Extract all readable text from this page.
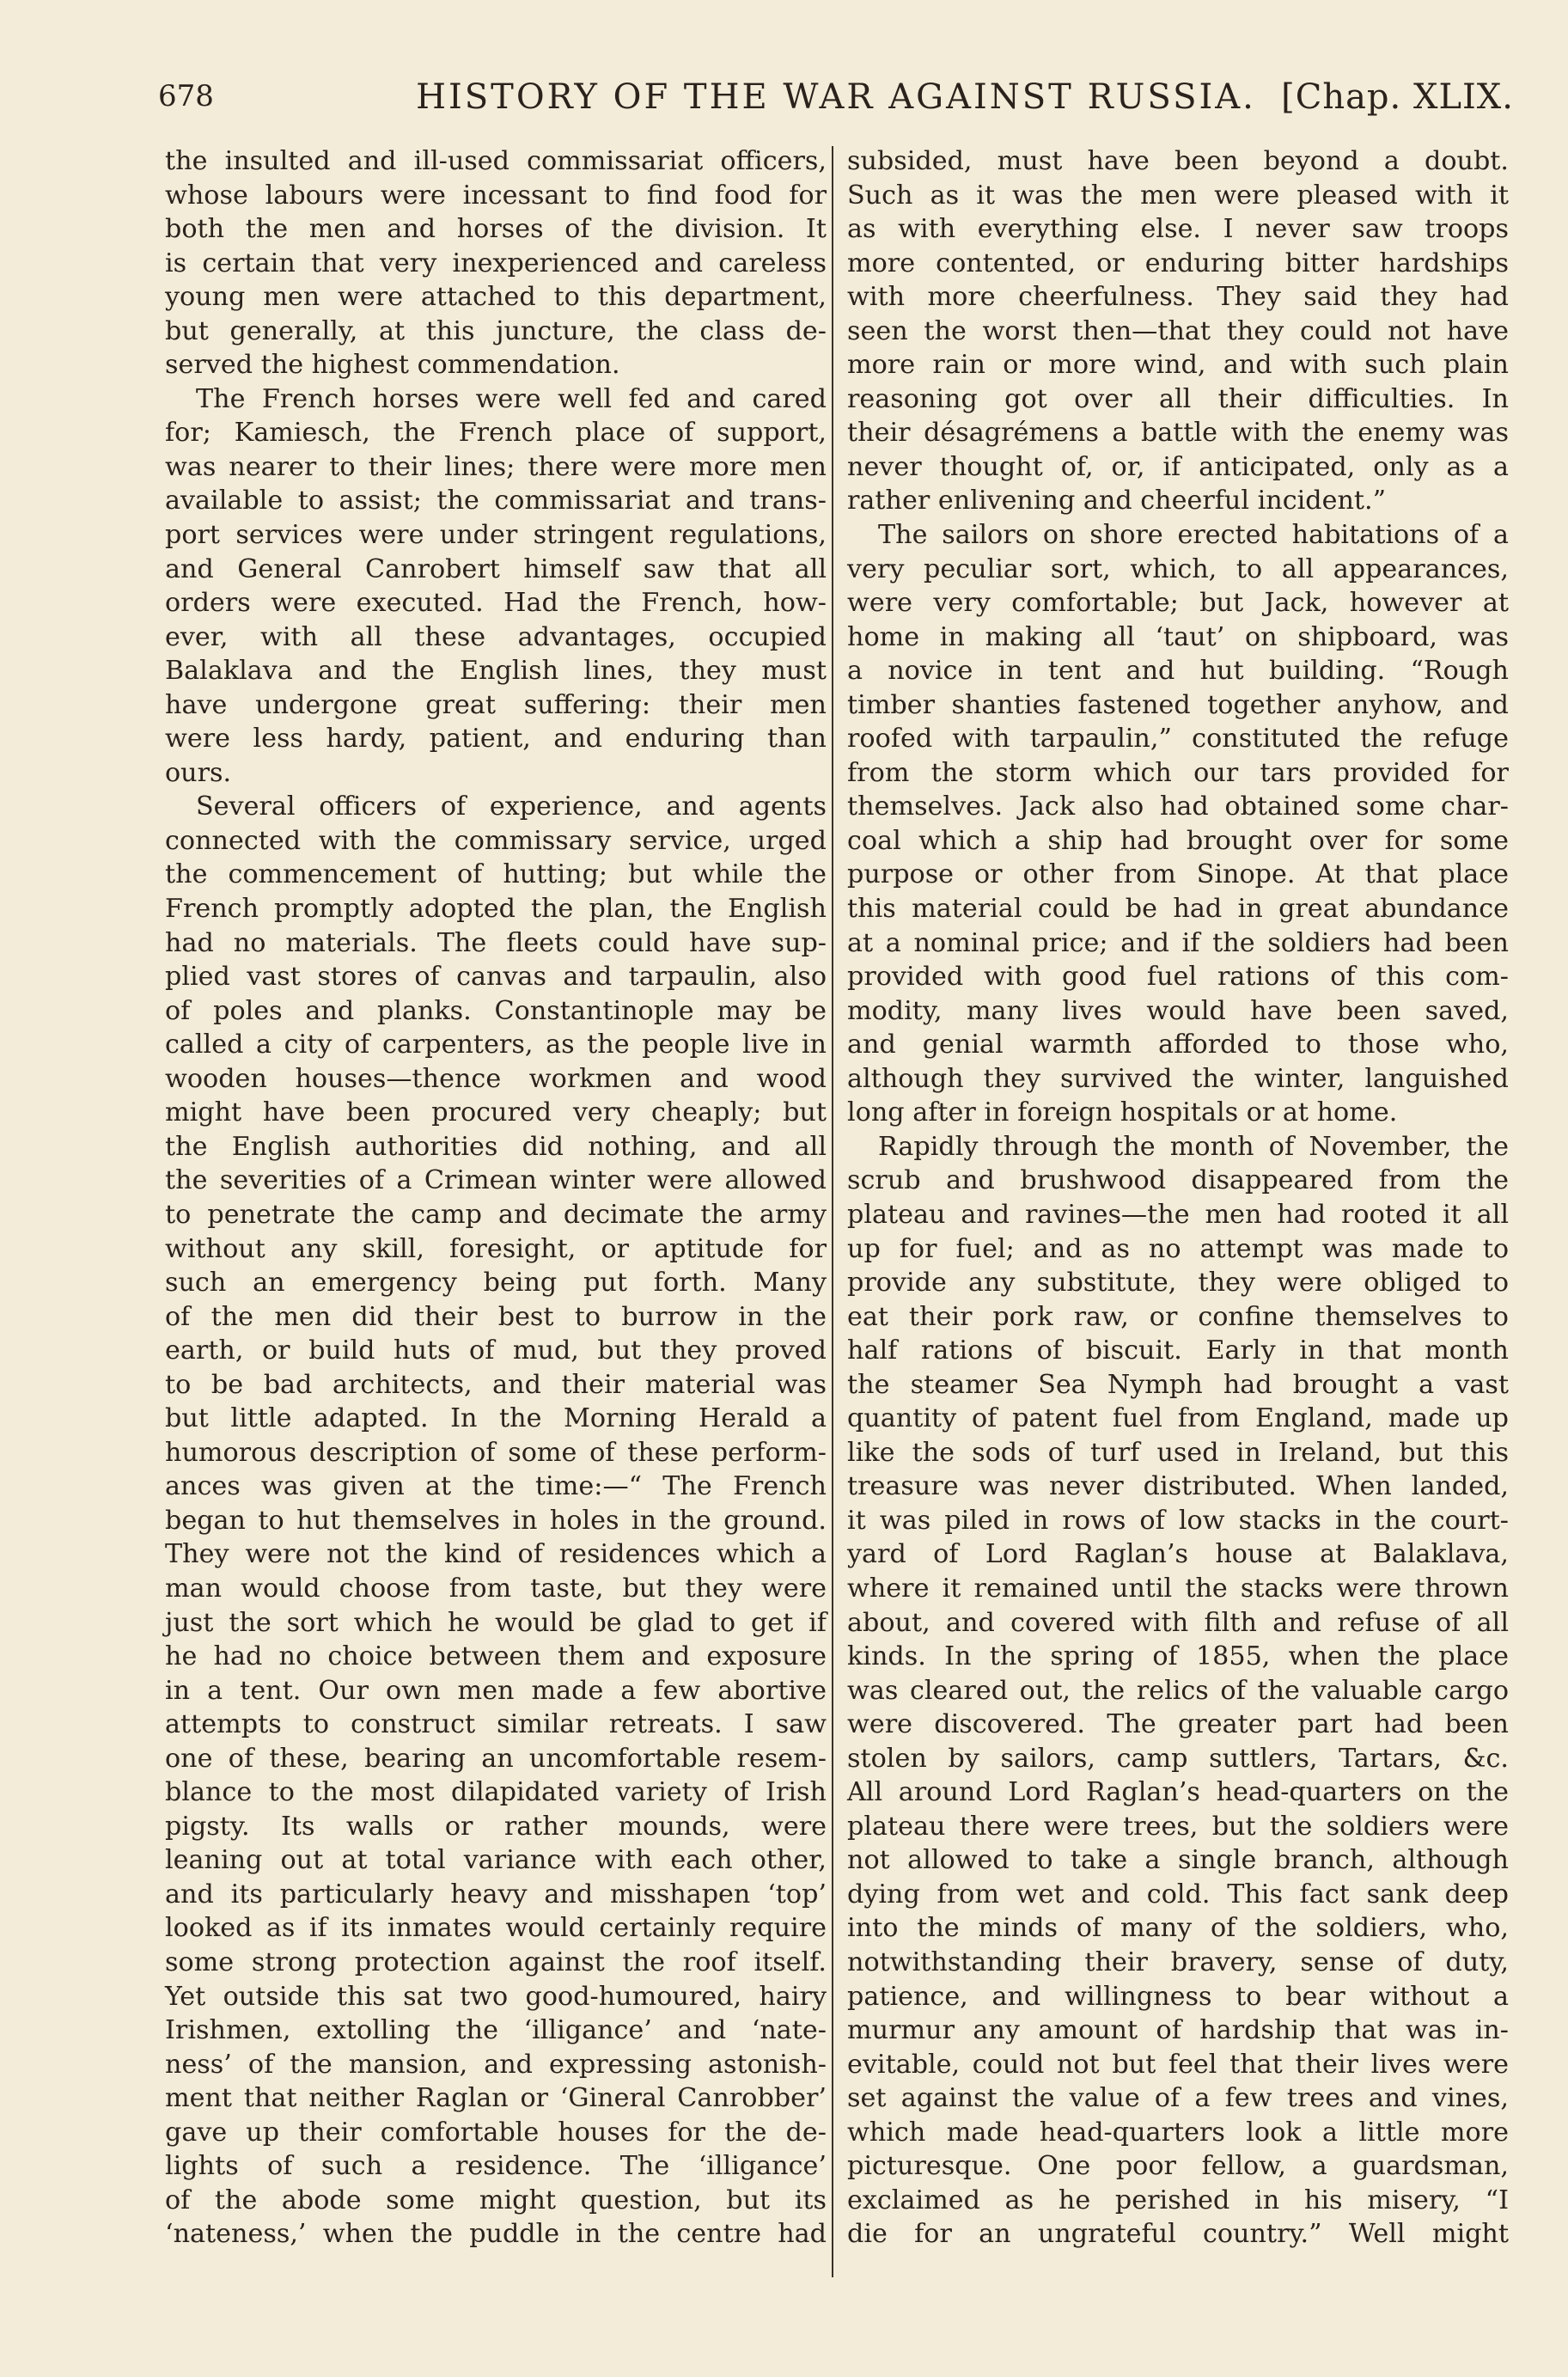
678	HISTORY OF THE WAR AGAINST RUSSIA. [Chap. XLIX.
the insulted and ill-used commissariat officers,
whose labours were incessant to find food for
both the men and horses of the division. It
is certain that very inexperienced and careless
young men were attached to this department,
but generally, at this juncture, the class de-
served the highest commendation.
The French horses were well fed and cared
for; Kamiesch, the French place of support,
was nearer to their lines; there were more men
available to assist; the commissariat and trans-
port services were under stringent regulations,
and General Canrobert himself saw that all
orders were executed. Had the French, how-
ever, with all these advantages, occupied
Balaklava and the English lines, they must
have undergone great suffering: their men
were less hardy, patient, and enduring than
ours.
Several officers of experience, and agents
connected with the commissary service, urged
the commencement of hutting; but while the
French promptly adopted the plan, the English
had no materials. The fleets could have sup-
plied vast stores of canvas and tarpaulin, also
of poles and planks. Constantinople may be
called a city of carpenters, as the people live in
wooden houses—thence workmen and wood
might have been procured very cheaply; but
the English authorities did nothing, and all
the severities of a Crimean winter were allowed
to penetrate the camp and decimate the army
without any skill, foresight, or aptitude for
such an emergency being put forth. Many
of the men did their best to burrow in the
earth, or build huts of mud, but they proved
to be bad architects, and their material was
but little adapted. In the Morning Herald a
humorous description of some of these perform-
ances was given at the time:—“ The French
began to hut themselves in holes in the ground.
They were not the kind of residences which a
man would choose from taste, but they were
just the sort which he would be glad to get if
he had no choice between them and exposure
in a tent. Our own men made a few abortive
attempts to construct similar retreats. I saw
one of these, bearing an uncomfortable resem-
blance to the most dilapidated variety of Irish
pigsty. Its walls or rather mounds, were
leaning out at total variance with each other,
and its particularly heavy and misshapen ‘top’
looked as if its inmates would certainly require
some strong protection against the roof itself.
Yet outside this sat two good-humoured, hairy
Irishmen, extolling the ‘illigance’ and ‘nate-
ness’ of the mansion, and expressing astonish-
ment that neither Raglan or ‘Gineral Canrobber’
gave up their comfortable houses for the de-
lights of such a residence. The ‘illigance’
of the abode some might question, but its
‘nateness,’ when the puddle in the centre had
subsided, must have been beyond a doubt.
Such as it was the men were pleased with it
as with everything else. I never saw troops
more contented, or enduring bitter hardships
with more cheerfulness. They said they had
seen the worst then—that they could not have
more rain or more wind, and with such plain
reasoning got over all their difficulties. In
their désagrémens a battle with the enemy was
never thought of, or, if anticipated, only as a
rather enlivening and cheerful incident.”
The sailors on shore erected habitations of a
very peculiar sort, which, to all appearances,
were very comfortable; but Jack, however at
home in making all ‘taut’ on shipboard, was
a novice in tent and hut building. “Rough
timber shanties fastened together anyhow, and
roofed with tarpaulin,” constituted the refuge
from the storm which our tars provided for
themselves. Jack also had obtained some char-
coal which a ship had brought over for some
purpose or other from Sinope. At that place
this material could be had in great abundance
at a nominal price; and if the soldiers had been
provided with good fuel rations of this com-
modity, many lives would have been saved,
and genial warmth afforded to those who,
although they survived the winter, languished
long after in foreign hospitals or at home.
Rapidly through the month of November, the
scrub and brushwood disappeared from the
plateau and ravines—the men had rooted it all
up for fuel; and as no attempt was made to
provide any substitute, they were obliged to
eat their pork raw, or confine themselves to
half rations of biscuit. Early in that month
the steamer Sea Nymph had brought a vast
quantity of patent fuel from England, made up
like the sods of turf used in Ireland, but this
treasure was never distributed. When landed,
it was piled in rows of low stacks in the court-
yard of Lord Raglan’s house at Balaklava,
where it remained until the stacks were thrown
about, and covered with filth and refuse of all
kinds. In the spring of 1855, when the place
was cleared out, the relics of the valuable cargo
were discovered. The greater part had been
stolen by sailors, camp suttlers, Tartars, &c.
All around Lord Raglan’s head-quarters on the
plateau there were trees, but the soldiers were
not allowed to take a single branch, although
dying from wet and cold. This fact sank deep
into the minds of many of the soldiers, who,
notwithstanding their bravery, sense of duty,
patience, and willingness to bear without a
murmur any amount of hardship that was in-
evitable, could not but feel that their lives were
set against the value of a few trees and vines,
which made head-quarters look a little more
picturesque. One poor fellow, a guardsman,
exclaimed as he perished in his misery, “I
die for an ungrateful country.” Well might
